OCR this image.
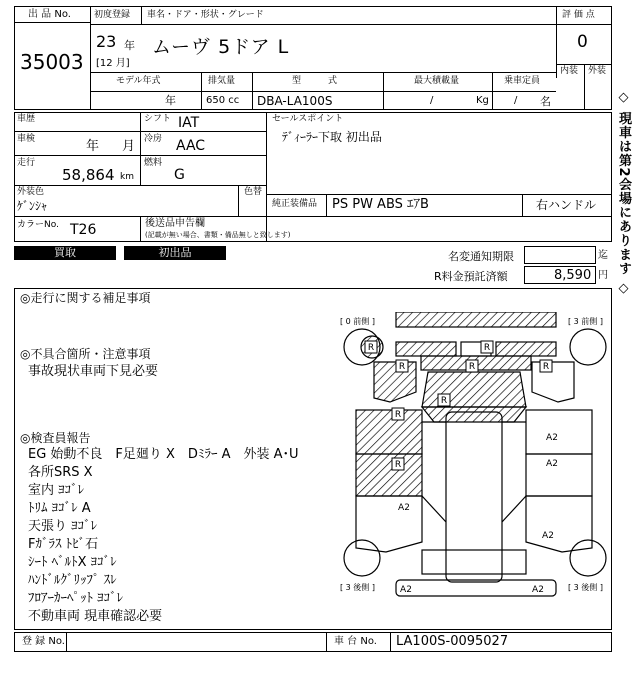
出 品 No.
35003
初度登録 車名・ドア・形状・グレード
23 年
[12 月]
ムーヴ 5ドア L
評 価 点
0
内装 外装
モデル年式	排気量	型　　　式	最大積載量	乗車定員
年	650 cc DBA-LA100S	/	Kg	/ 名
車歴	シフト IAT
車検	年 月 冷房 AAC
走行
58,864 km
燃料
G
外装色
ｹﾞﾝｼｬ
色替
カラーNo. T26	後送品申告欄
(記載が無い場合、書類・備品無しと致します)
セールスポイント
ﾃﾞｨｰﾗｰ下取 初出品
純正装備品 PS PW ABS ｴｱB	右ハンドル
買取	初出品	名変通知期限	迄
R料金預託済額	8,590 円 ◇ 現車は第2会場にあります ◇
◎走行に関する補足事項
◎不具合箇所・注意事項
事故現状車両下見必要
◎検査員報告
EG 始動不良　F足廻り X　Dﾐﾗｰ A　外装 A･U
各所SRS X
室内 ﾖｺﾞﾚ
ﾄﾘﾑ ﾖｺﾞﾚ A
天張り ﾖｺﾞﾚ
Fｶﾞﾗｽ ﾄﾋﾞ石
ｼｰﾄ ﾍﾞﾙﾄX ﾖｺﾞﾚ
ﾊﾝﾄﾞﾙｸﾞﾘｯﾌﾟ ｽﾚ
ﾌﾛｱｰｶｰﾍﾟｯﾄ ﾖｺﾞﾚ
不動車両 現車確認必要
R	R
R	R	R
R
R
R
A2
A2
A2
A2
A2	A2
[ 0 前側 ]	[ 3 前側 ]
[ 3 後側 ]	[ 3 後側 ]
登 録 No.	車 台 No. LA100S-0095027
